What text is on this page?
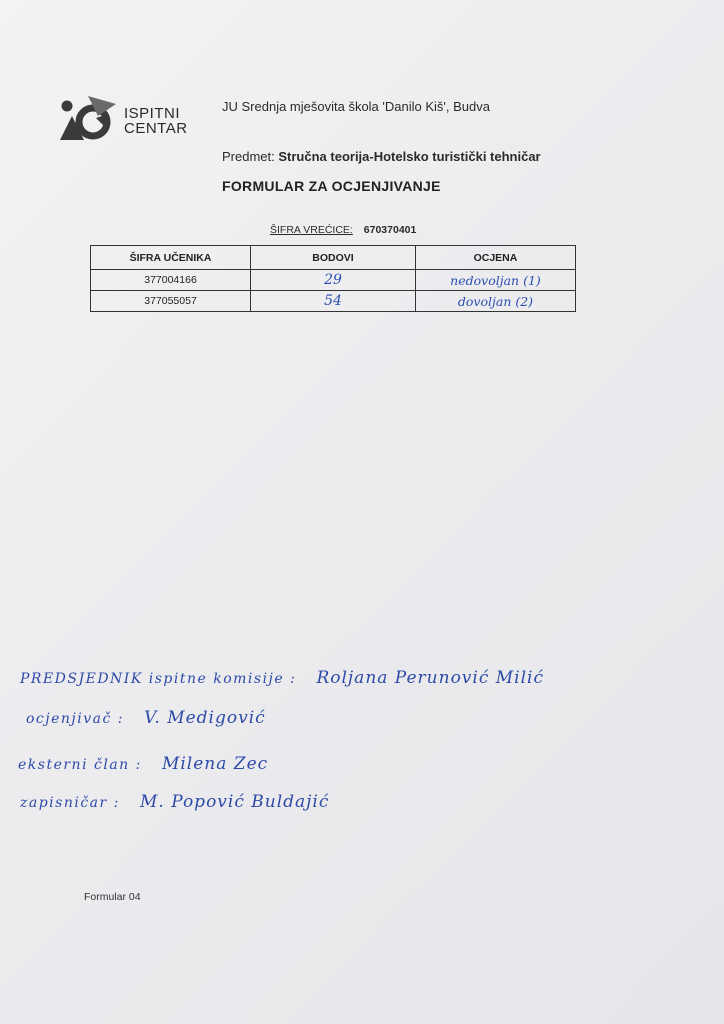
ISPITNI
CENTAR
JU Srednja mješovita škola 'Danilo Kiš', Budva
Predmet: Stručna teorija-Hotelsko turistički tehničar
FORMULAR ZA OCJENJIVANJE
ŠIFRA VREĆICE: 670370401
ŠIFRA UČENIKA	BODOVI	OCJENA
377004166	29	nedovoljan (1)
377055057	54	dovoljan (2)
PREDSJEDNIK ispitne komisije : Roljana Perunović Milić
ocjenjivač : V. Medigović
eksterni član : Milena Zec
zapisničar : M. Popović Buldajić
Formular 04
